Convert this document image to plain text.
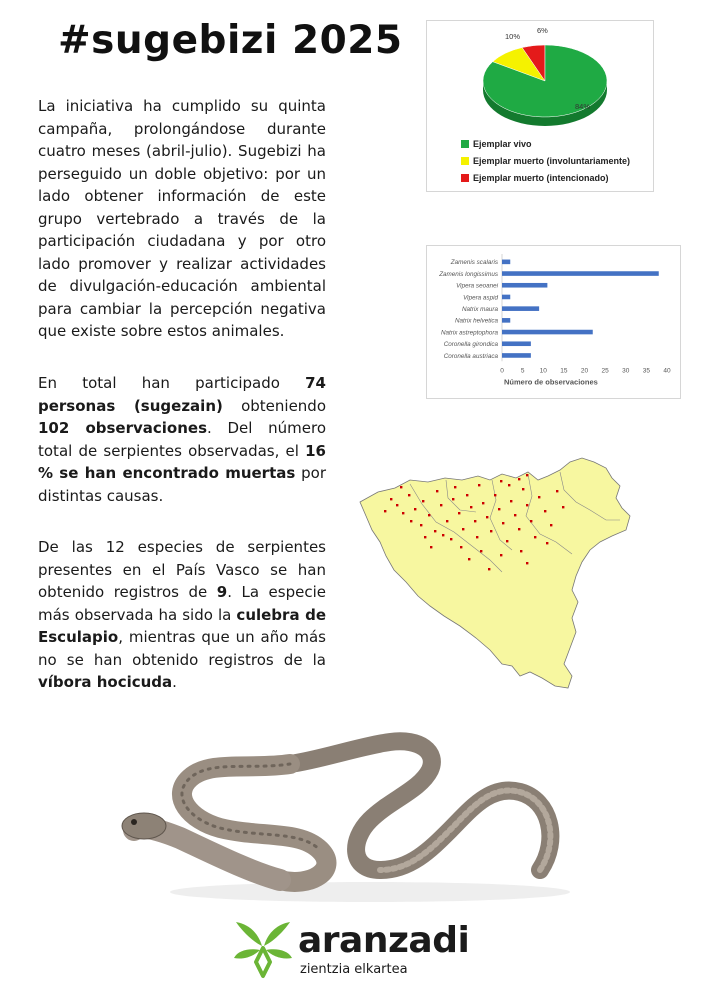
#sugebizi 2025
La iniciativa ha cumplido su quinta campaña, prolongándose durante cuatro meses (abril-julio). Sugebizi ha perseguido un doble objetivo: por un lado obtener información de este grupo vertebrado a través de la participación ciudadana y por otro lado promover y realizar actividades de divulgación-educación ambiental para cambiar la percepción negativa que existe sobre estos animales.
En total han participado 74 personas (sugezain) obteniendo 102 observaciones. Del número total de serpientes observadas, el 16 % se han encontrado muertas por distintas causas.
De las 12 especies de serpientes presentes en el País Vasco se han obtenido registros de 9. La especie más observada ha sido la culebra de Esculapio, mientras que un año más no se han obtenido registros de la víbora hocicuda.
84%
10%
6%
Ejemplar vivo
Ejemplar muerto (involuntariamente)
Ejemplar muerto (intencionado)
Zamenis scalaris
Zamenis longissimus
Vipera seoanei
Vipera aspid
Natrix maura
Natrix helvetica
Natrix astreptophora
Coronella girondica
Coronella austriaca
0	5 10 15 20 25 30 35 40
Número de observaciones
aranzadi
zientzia elkartea
